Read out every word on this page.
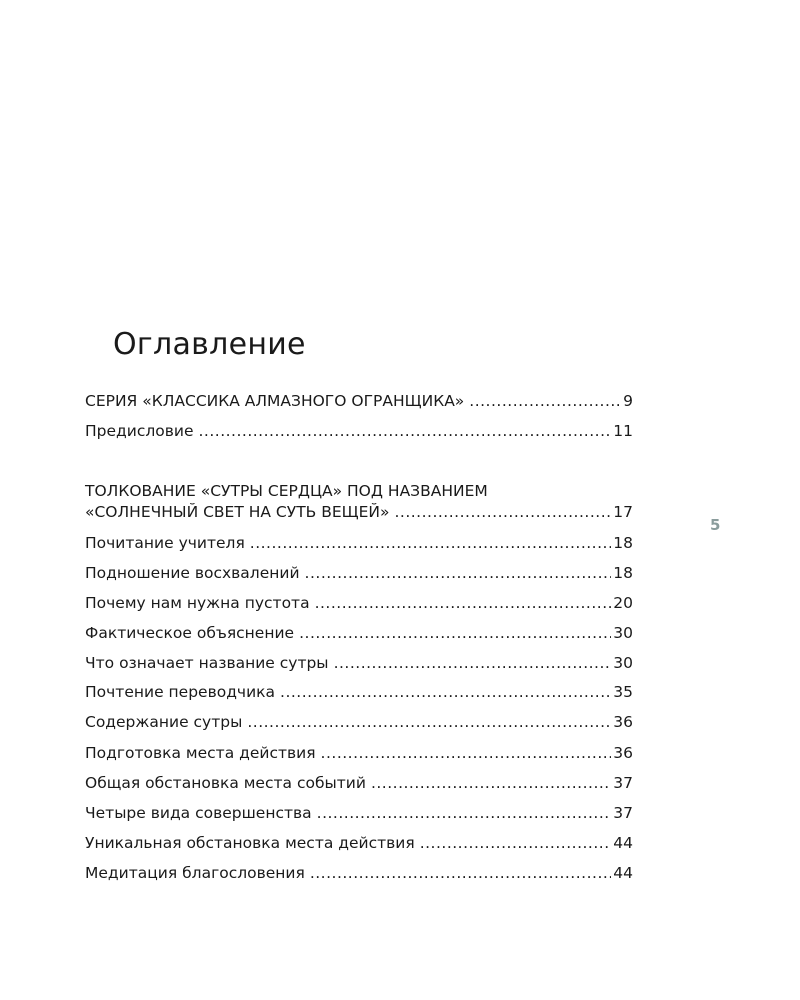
Оглавление
СЕРИЯ «КЛАССИКА АЛМАЗНОГО ОГРАНЩИКА» .....	9
Предисловие .....	11
ТОЛКОВАНИЕ «СУТРЫ СЕРДЦА» ПОД НАЗВАНИЕМ
«СОЛНЕЧНЫЙ СВЕТ НА СУТЬ ВЕЩЕЙ» .....	17
Почитание учителя .....	18
Подношение восхвалений .....	18
Почему нам нужна пустота .....	20
Фактическое объяснение .....	30
Что означает название сутры .....	30
Почтение переводчика .....	35
Содержание сутры .....	36
Подготовка места действия .....	36
Общая обстановка места событий .....	37
Четыре вида совершенства .....	37
Уникальная обстановка места действия .....	44
Медитация благословения .....	44
5
